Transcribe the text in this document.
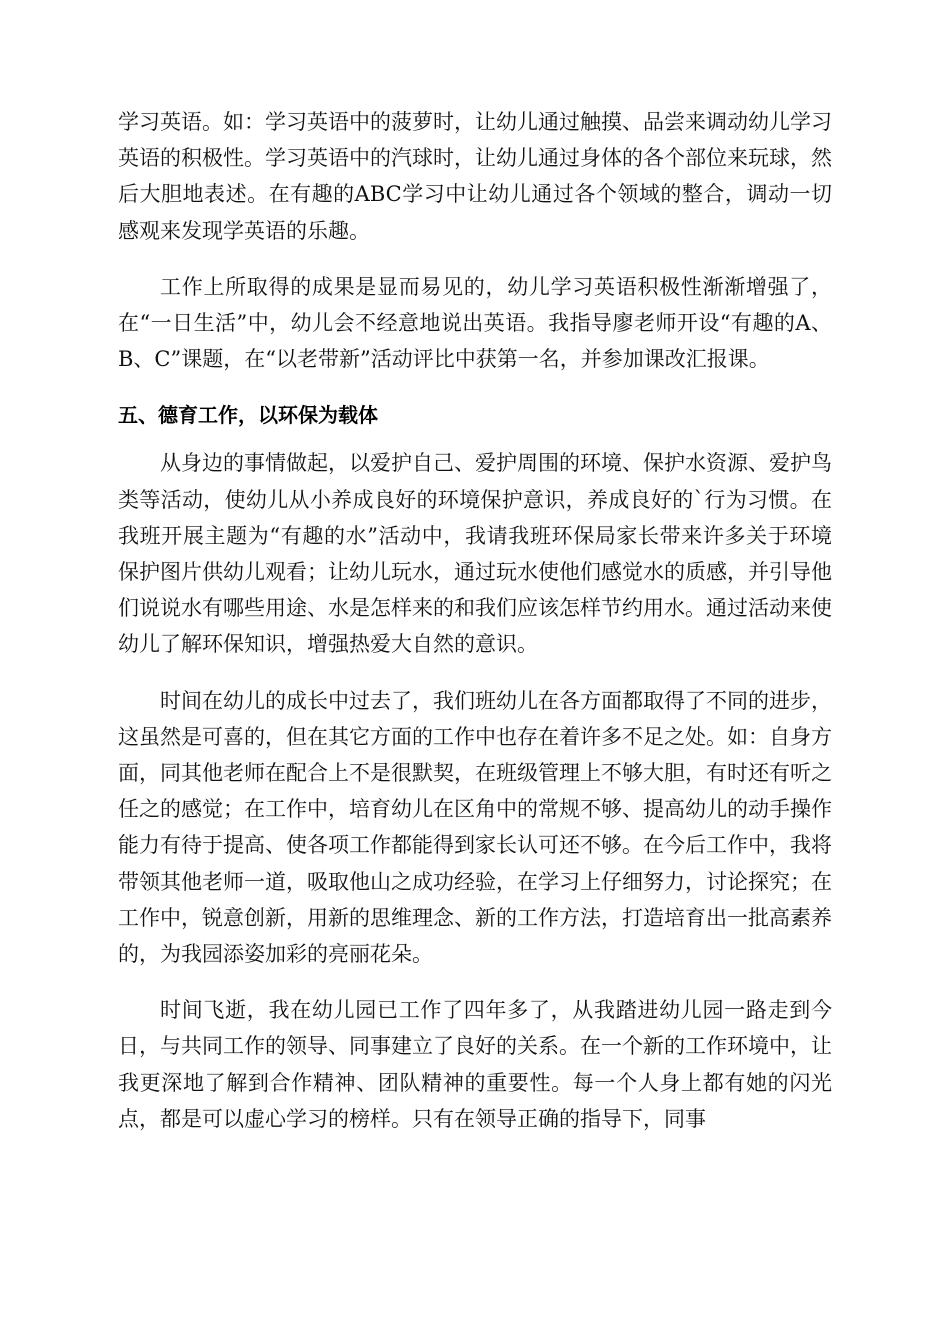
学习英语。如：学习英语中的菠萝时，让幼儿通过触摸、品尝来调动幼儿学习英语的积极性。学习英语中的汽球时，让幼儿通过身体的各个部位来玩球，然后大胆地表述。在有趣的ABC学习中让幼儿通过各个领域的整合，调动一切感观来发现学英语的乐趣。

工作上所取得的成果是显而易见的，幼儿学习英语积极性渐渐增强了，在“一日生活”中，幼儿会不经意地说出英语。我指导廖老师开设“有趣的A、B、C”课题，在“以老带新”活动评比中获第一名，并参加课改汇报课。

五、德育工作，以环保为载体

从身边的事情做起，以爱护自己、爱护周围的环境、保护水资源、爱护鸟类等活动，使幼儿从小养成良好的环境保护意识，养成良好的`行为习惯。在我班开展主题为“有趣的水”活动中，我请我班环保局家长带来许多关于环境保护图片供幼儿观看；让幼儿玩水，通过玩水使他们感觉水的质感，并引导他们说说水有哪些用途、水是怎样来的和我们应该怎样节约用水。通过活动来使幼儿了解环保知识，增强热爱大自然的意识。

时间在幼儿的成长中过去了，我们班幼儿在各方面都取得了不同的进步，这虽然是可喜的，但在其它方面的工作中也存在着许多不足之处。如：自身方面，同其他老师在配合上不是很默契，在班级管理上不够大胆，有时还有听之任之的感觉；在工作中，培育幼儿在区角中的常规不够、提高幼儿的动手操作能力有待于提高、使各项工作都能得到家长认可还不够。在今后工作中，我将带领其他老师一道，吸取他山之成功经验，在学习上仔细努力，讨论探究；在工作中，锐意创新，用新的思维理念、新的工作方法，打造培育出一批高素养的，为我园添姿加彩的亮丽花朵。

时间飞逝，我在幼儿园已工作了四年多了，从我踏进幼儿园一路走到今日，与共同工作的领导、同事建立了良好的关系。在一个新的工作环境中，让我更深地了解到合作精神、团队精神的重要性。每一个人身上都有她的闪光点，都是可以虚心学习的榜样。只有在领导正确的指导下，同事
